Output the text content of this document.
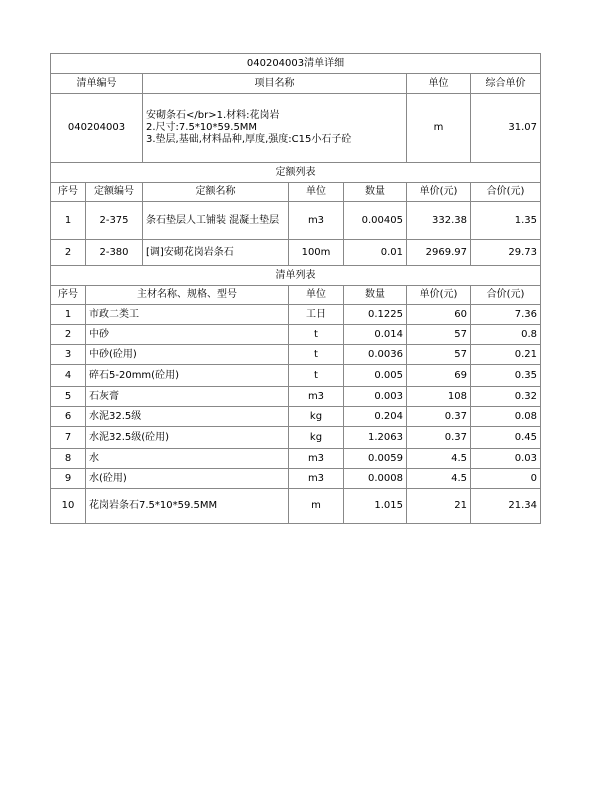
040204003清单详细						
清单编号		项目名称			单位	综合单价
040204003		安砌条石</br>1.材料:花岗岩
2.尺寸:7.5*10*59.5MM
3.垫层,基础,材料品种,厚度,强度:C15小石子砼			m	31.07
定额列表						
序号	定额编号	定额名称	单位	数量	单价(元)	合价(元)
1	2-375	条石垫层人工铺装 混凝土垫层	m3	0.00405	332.38	1.35
2	2-380	[调]安砌花岗岩条石	100m	0.01	2969.97	29.73
清单列表						
序号	主材名称、规格、型号		单位	数量	单价(元)	合价(元)
1	市政二类工		工日	0.1225	60	7.36
2	中砂		t	0.014	57	0.8
3	中砂(砼用)		t	0.0036	57	0.21
4	碎石5-20mm(砼用)		t	0.005	69	0.35
5	石灰膏		m3	0.003	108	0.32
6	水泥32.5级		kg	0.204	0.37	0.08
7	水泥32.5级(砼用)		kg	1.2063	0.37	0.45
8	水		m3	0.0059	4.5	0.03
9	水(砼用)		m3	0.0008	4.5	0
10	花岗岩条石7.5*10*59.5MM		m	1.015	21	21.34
